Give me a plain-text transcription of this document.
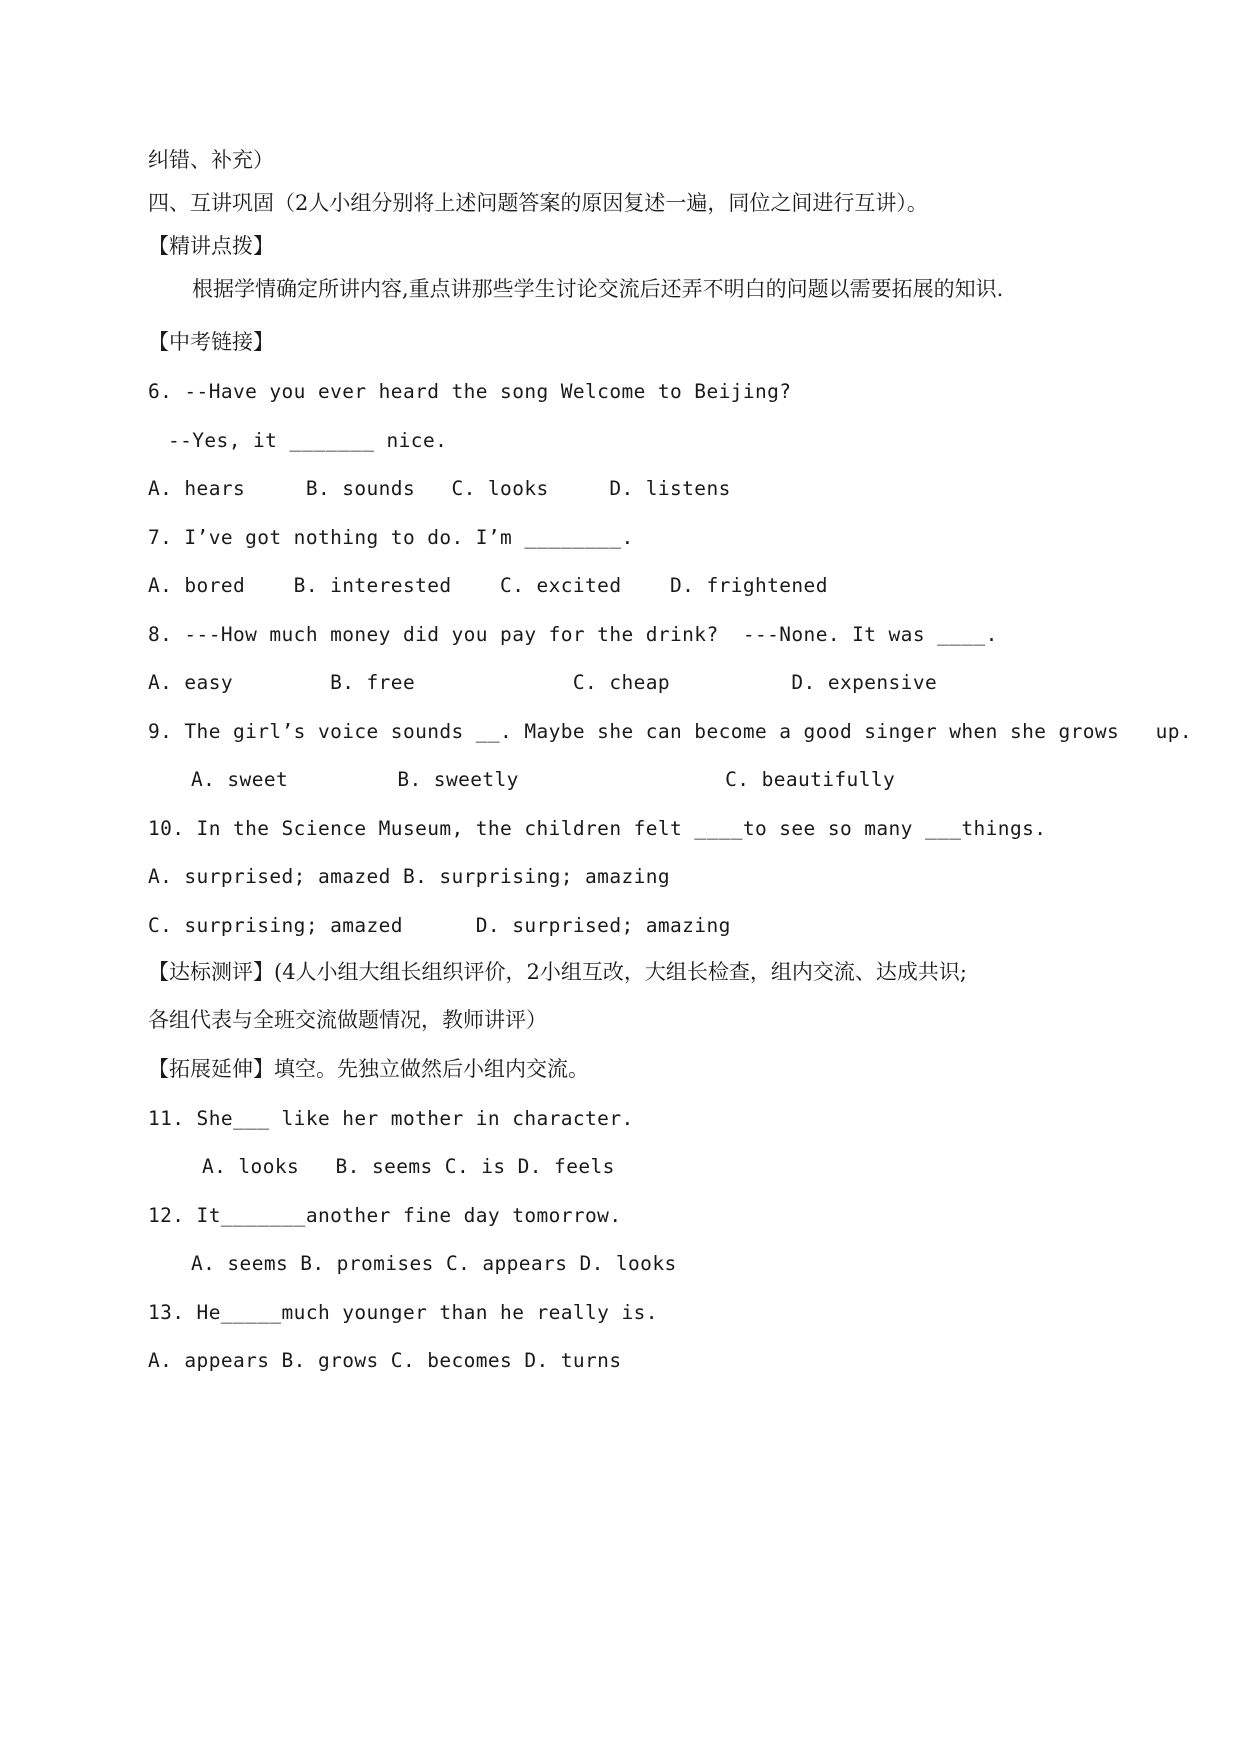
纠错、补充）
四、互讲巩固（2人小组分别将上述问题答案的原因复述一遍，同位之间进行互讲）。
【精讲点拨】
根据学情确定所讲内容,重点讲那些学生讨论交流后还弄不明白的问题以需要拓展的知识.
【中考链接】
6. --Have you ever heard the song Welcome to Beijing?
--Yes, it _______ nice.
A. hears     B. sounds   C. looks     D. listens
7. I’ve got nothing to do. I’m ________.
A. bored    B. interested    C. excited    D. frightened
8. ---How much money did you pay for the drink?  ---None. It was ____.
A. easy        B. free             C. cheap          D. expensive
9. The girl’s voice sounds __. Maybe she can become a good singer when she grows   up.
A. sweet         B. sweetly                 C. beautifully
10. In the Science Museum, the children felt ____to see so many ___things.
A. surprised; amazed B. surprising; amazing
C. surprising; amazed      D. surprised; amazing
【达标测评】(4人小组大组长组织评价，2小组互改，大组长检查，组内交流、达成共识;
各组代表与全班交流做题情况，教师讲评）
【拓展延伸】填空。先独立做然后小组内交流。
11. She___ like her mother in character.
A. looks   B. seems C. is D. feels
12. It_______another fine day tomorrow.
A. seems B. promises C. appears D. looks
13. He_____much younger than he really is.
A. appears B. grows C. becomes D. turns
